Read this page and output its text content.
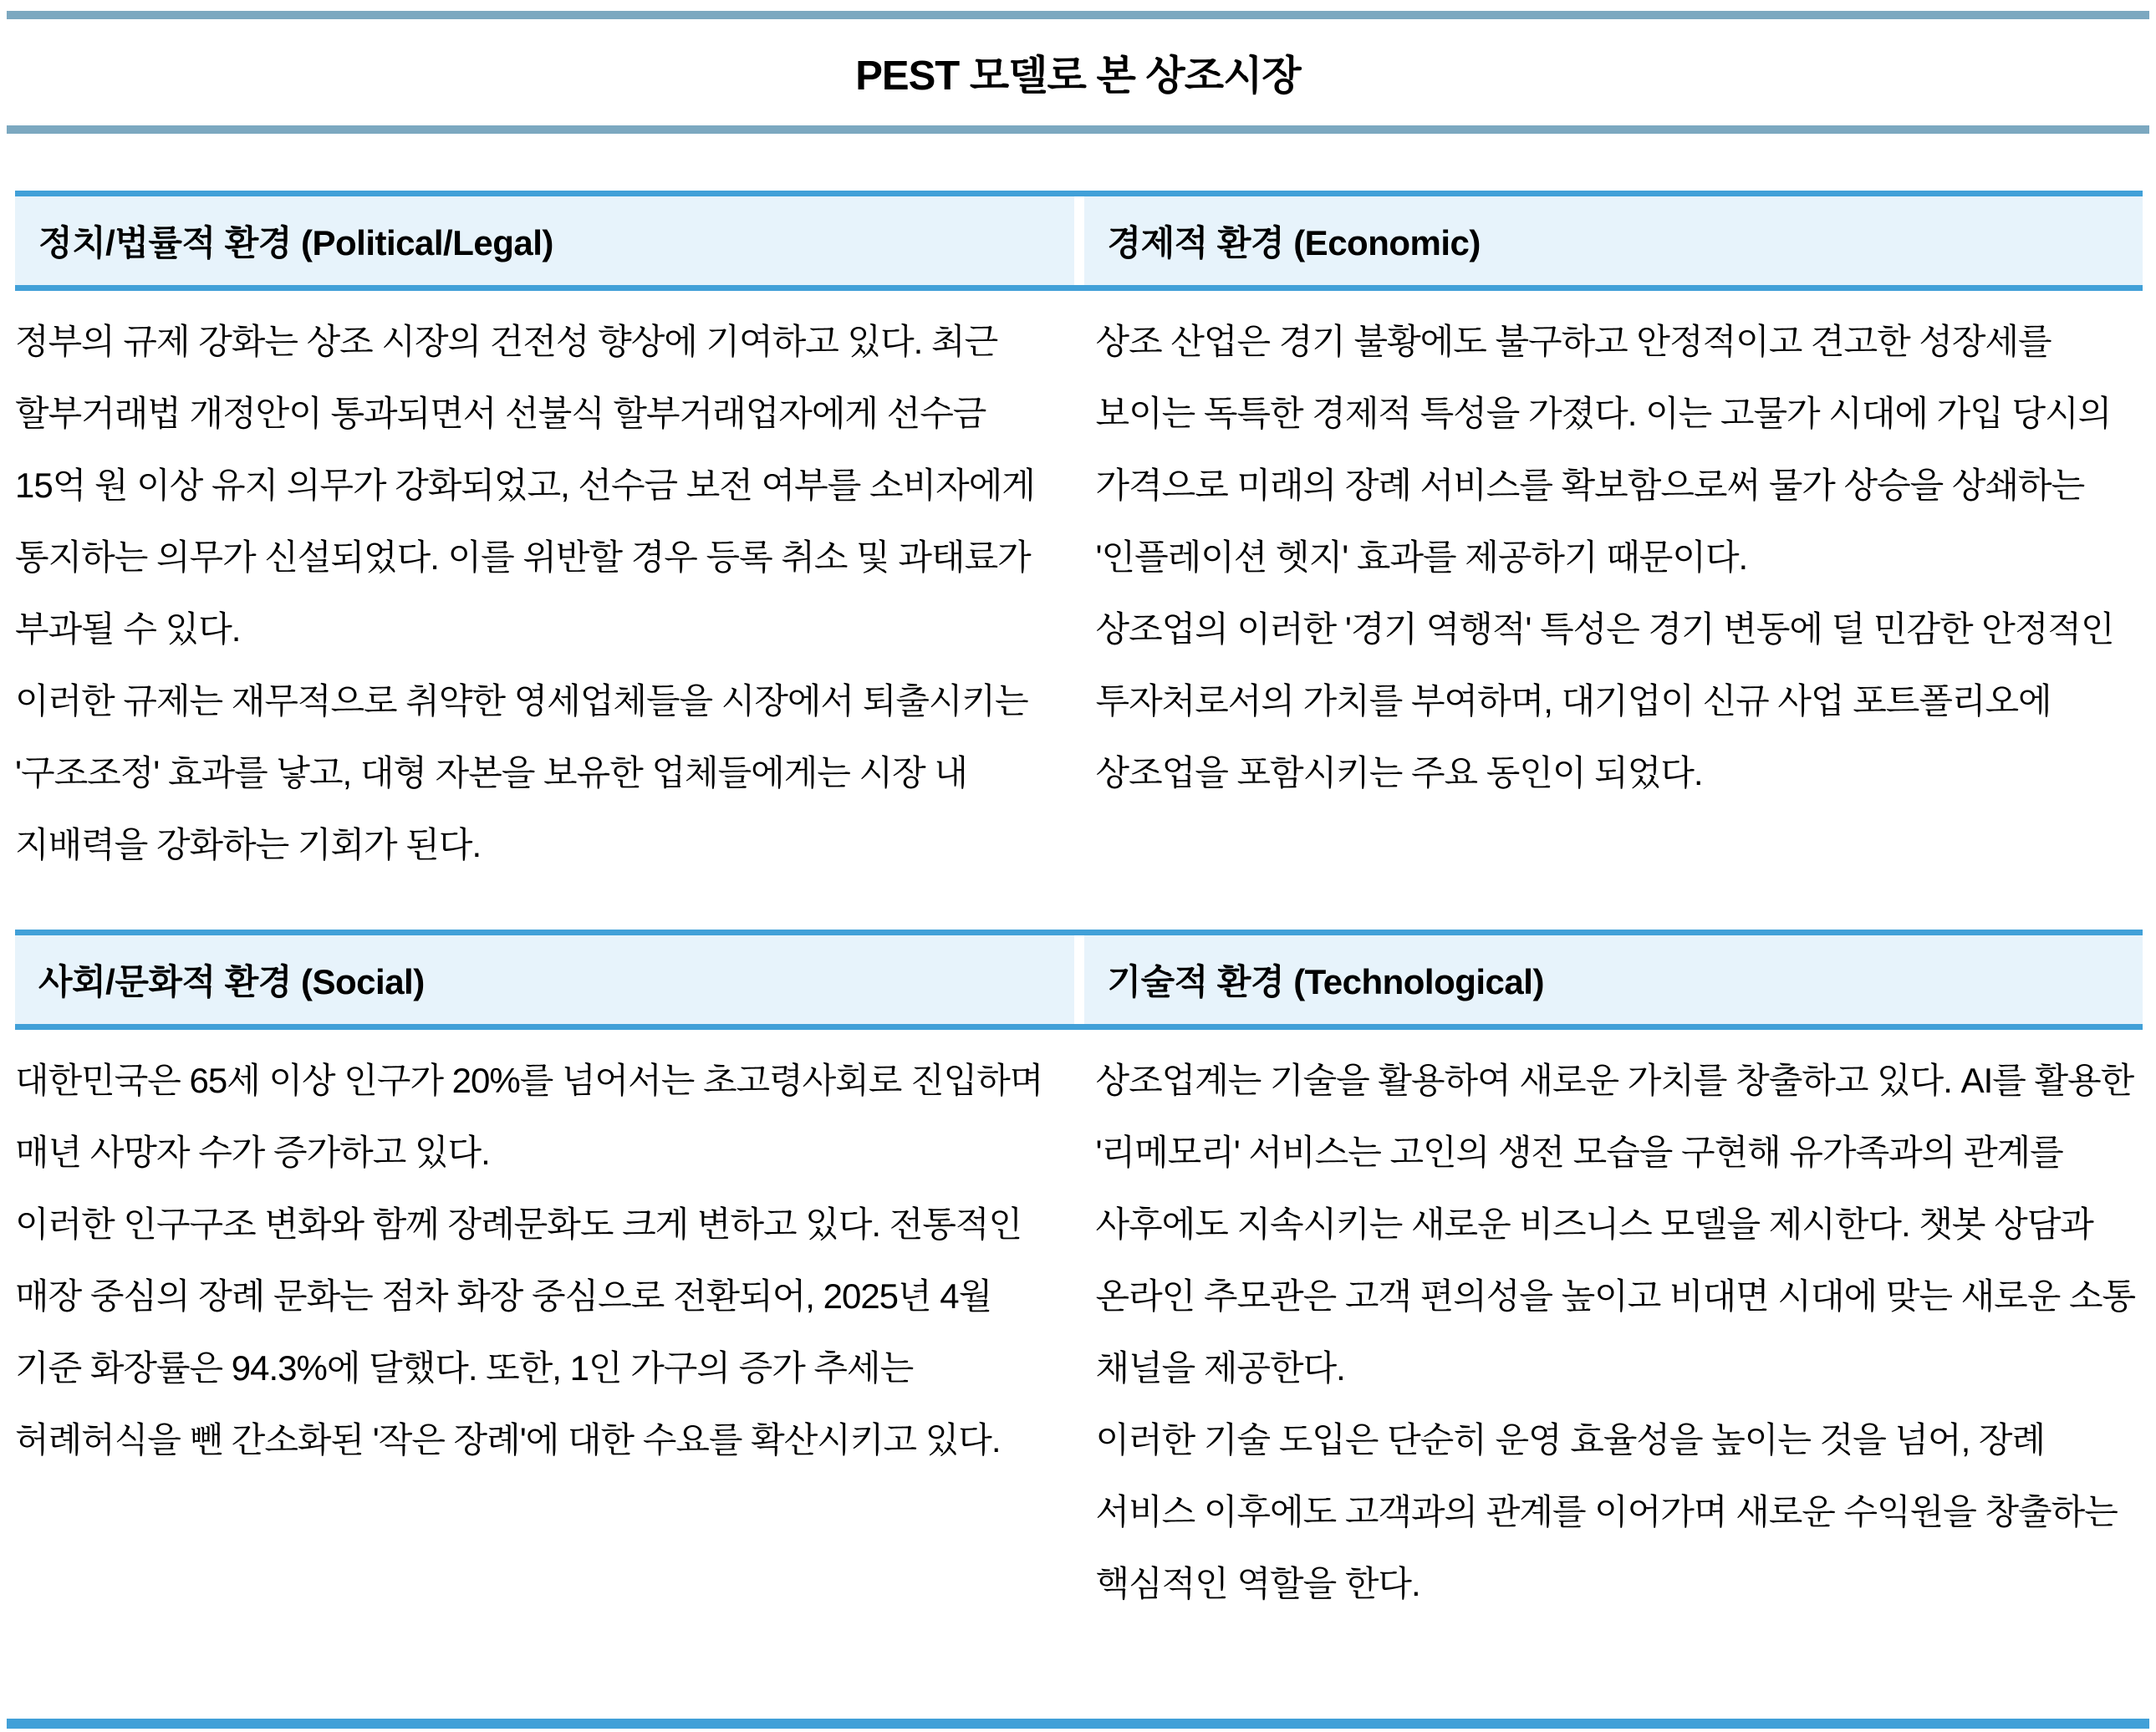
PEST 모델로 본 상조시장
정치/법률적 환경 (Political/Legal)	경제적 환경 (Economic)

정부의 규제 강화는 상조 시장의 건전성 향상에 기여하고 있다. 최근 할부거래법 개정안이 통과되면서 선불식 할부거래업자에게 선수금 15억 원 이상 유지 의무가 강화되었고, 선수금 보전 여부를 소비자에게 통지하는 의무가 신설되었다. 이를 위반할 경우 등록 취소 및 과태료가 부과될 수 있다.

이러한 규제는 재무적으로 취약한 영세업체들을 시장에서 퇴출시키는 '구조조정' 효과를 낳고, 대형 자본을 보유한 업체들에게는 시장 내 지배력을 강화하는 기회가 된다.

상조 산업은 경기 불황에도 불구하고 안정적이고 견고한 성장세를 보이는 독특한 경제적 특성을 가졌다. 이는 고물가 시대에 가입 당시의 가격으로 미래의 장례 서비스를 확보함으로써 물가 상승을 상쇄하는 '인플레이션 헷지' 효과를 제공하기 때문이다.

상조업의 이러한 '경기 역행적' 특성은 경기 변동에 덜 민감한 안정적인 투자처로서의 가치를 부여하며, 대기업이 신규 사업 포트폴리오에 상조업을 포함시키는 주요 동인이 되었다.

사회/문화적 환경 (Social)	기술적 환경 (Technological)

대한민국은 65세 이상 인구가 20%를 넘어서는 초고령사회로 진입하며 매년 사망자 수가 증가하고 있다.

이러한 인구구조 변화와 함께 장례문화도 크게 변하고 있다. 전통적인 매장 중심의 장례 문화는 점차 화장 중심으로 전환되어, 2025년 4월 기준 화장률은 94.3%에 달했다. 또한, 1인 가구의 증가 추세는 허례허식을 뺀 간소화된 '작은 장례'에 대한 수요를 확산시키고 있다.

상조업계는 기술을 활용하여 새로운 가치를 창출하고 있다. AI를 활용한 '리메모리' 서비스는 고인의 생전 모습을 구현해 유가족과의 관계를 사후에도 지속시키는 새로운 비즈니스 모델을 제시한다. 챗봇 상담과 온라인 추모관은 고객 편의성을 높이고 비대면 시대에 맞는 새로운 소통 채널을 제공한다.

이러한 기술 도입은 단순히 운영 효율성을 높이는 것을 넘어, 장례 서비스 이후에도 고객과의 관계를 이어가며 새로운 수익원을 창출하는 핵심적인 역할을 한다.
